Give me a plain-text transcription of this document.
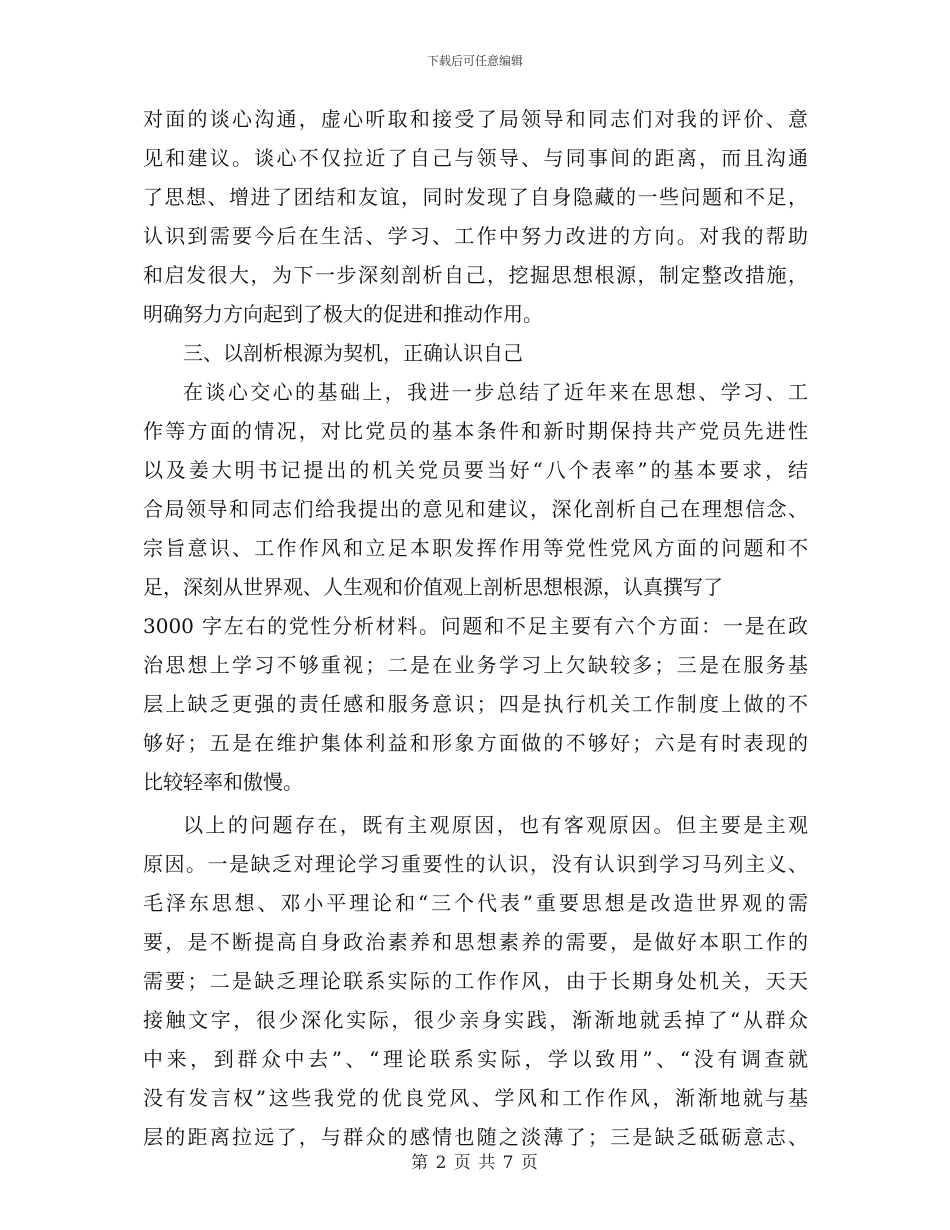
下载后可任意编辑
对面的谈心沟通，虚心听取和接受了局领导和同志们对我的评价、意
见和建议。谈心不仅拉近了自己与领导、与同事间的距离，而且沟通
了思想、增进了团结和友谊，同时发现了自身隐藏的一些问题和不足，
认识到需要今后在生活、学习、工作中努力改进的方向。对我的帮助
和启发很大，为下一步深刻剖析自己，挖掘思想根源，制定整改措施，
明确努力方向起到了极大的促进和推动作用。
三、以剖析根源为契机，正确认识自己
在谈心交心的基础上，我进一步总结了近年来在思想、学习、工
作等方面的情况，对比党员的基本条件和新时期保持共产党员先进性
以及姜大明书记提出的机关党员要当好“八个表率”的基本要求，结
合局领导和同志们给我提出的意见和建议，深化剖析自己在理想信念、
宗旨意识、工作作风和立足本职发挥作用等党性党风方面的问题和不
足，深刻从世界观、人生观和价值观上剖析思想根源，认真撰写了
3000 字左右的党性分析材料。问题和不足主要有六个方面：一是在政
治思想上学习不够重视；二是在业务学习上欠缺较多；三是在服务基
层上缺乏更强的责任感和服务意识；四是执行机关工作制度上做的不
够好；五是在维护集体利益和形象方面做的不够好；六是有时表现的
比较轻率和傲慢。
以上的问题存在，既有主观原因，也有客观原因。但主要是主观
原因。一是缺乏对理论学习重要性的认识，没有认识到学习马列主义、
毛泽东思想、邓小平理论和“三个代表”重要思想是改造世界观的需
要，是不断提高自身政治素养和思想素养的需要，是做好本职工作的
需要；二是缺乏理论联系实际的工作作风，由于长期身处机关，天天
接触文字，很少深化实际，很少亲身实践，渐渐地就丢掉了“从群众
中来，到群众中去”、“理论联系实际，学以致用”、“没有调查就
没有发言权”这些我党的优良党风、学风和工作作风，渐渐地就与基
层的距离拉远了，与群众的感情也随之淡薄了；三是缺乏砥砺意志、
第 2 页 共 7 页
